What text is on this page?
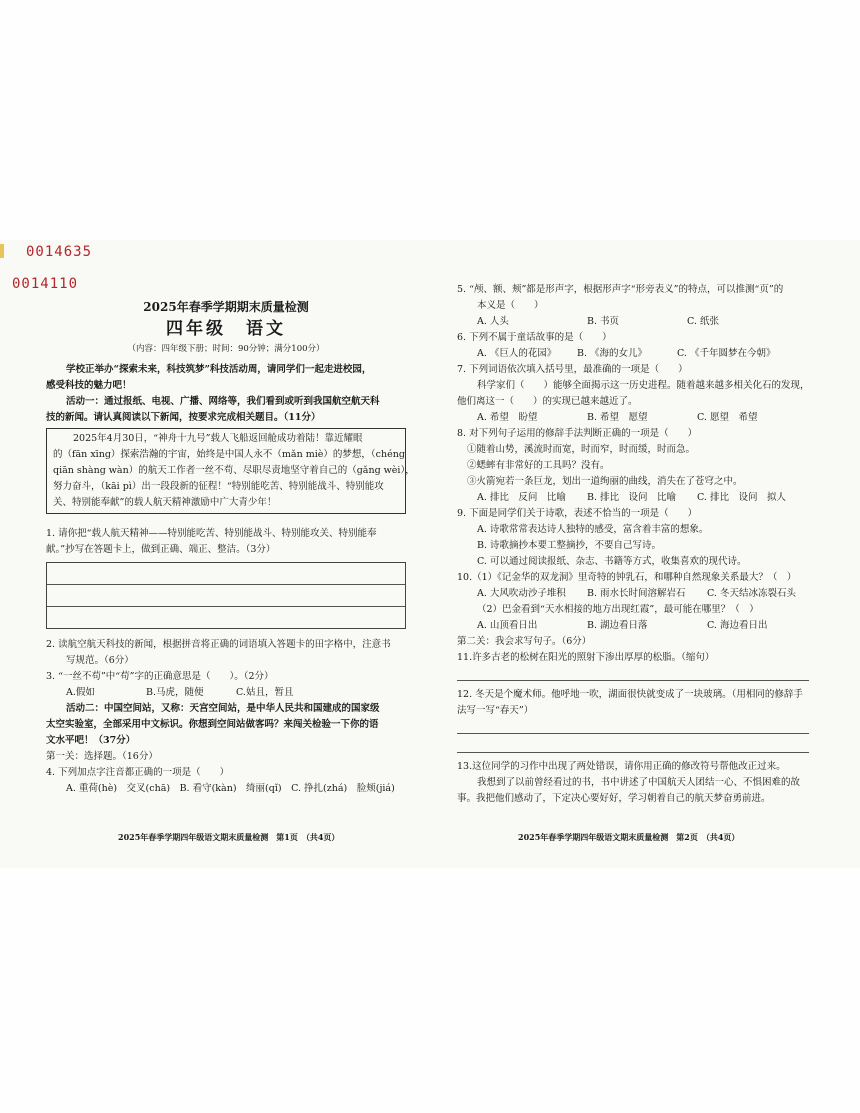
0014635
0014110
2025年春季学期期末质量检测
四年级　语文
（内容：四年级下册；时间：90分钟；满分100分）
学校正举办“探索未来，科技筑梦”科技活动周，请同学们一起走进校园，
感受科技的魅力吧！
活动一：通过报纸、电视、广播、网络等，我们看到或听到我国航空航天科
技的新闻。请认真阅读以下新闻，按要求完成相关题目。（11分）
2025年4月30日，“神舟十九号”载人飞船返回舱成功着陆！靠近耀眼
的（fān xīng）探索浩瀚的宇宙，始终是中国人永不（mǎn miè）的梦想，（chéng
qiān shàng wàn）的航天工作者一丝不苟、尽职尽责地坚守着自己的（gǎng wèi），
努力奋斗，（kāi pì）出一段段新的征程！“特别能吃苦、特别能战斗、特别能攻
关、特别能奉献”的载人航天精神激励中广大青少年！
1. 请你把“载人航天精神——特别能吃苦、特别能战斗、特别能攻关、特别能奉
献。”抄写在答题卡上，做到正确、端正、整洁。（3分）
2. 读航空航天科技的新闻，根据拼音将正确的词语填入答题卡的田字格中，注意书
写规范。（6分）
3. “一丝不苟”中“苟”字的正确意思是（　　）。（2分）
A.假如	B.马虎，随便	C.姑且，暂且
活动二：中国空间站，又称：天宫空间站，是中华人民共和国建成的国家级
太空实验室，全部采用中文标识。你想到空间站做客吗？来闯关检验一下你的语
文水平吧！（37分）
第一关：选择题。（16分）
4. 下列加点字注音都正确的一项是（　　）
A. 重荷(hè)　交叉(chā)　B. 看守(kàn)　绮丽(qǐ)　C. 挣扎(zhá)　脸颊(jiá)
5. “颅、额、颊”都是形声字，根据形声字“形旁表义”的特点，可以推测“页”的
本义是（　　）
A. 人头	B. 书页	C. 纸张
6. 下列不属于童话故事的是（　　）
A. 《巨人的花园》	B. 《海的女儿》	C. 《千年圆梦在今朝》
7. 下列词语依次填入括号里，最准确的一项是（　　）
科学家们（　　）能够全面揭示这一历史进程。随着越来越多相关化石的发现，
他们离这一（　　）的实现已越来越近了。
A. 希望　盼望	B. 希望　愿望	C. 愿望　希望
8. 对下列句子运用的修辞手法判断正确的一项是（　　）
①随着山势，溪流时而宽，时而窄，时而缓，时而急。
②蟋蟀有非常好的工具吗？没有。
③火箭宛若一条巨龙，划出一道绚丽的曲线，消失在了苍穹之中。
A. 排比　反问　比喻	B. 排比　设问　比喻	C. 排比　设问　拟人
9. 下面是同学们关于诗歌，表述不恰当的一项是（　　）
A. 诗歌常常表达诗人独特的感受，富含着丰富的想象。
B. 诗歌摘抄本要工整摘抄，不要自己写诗。
C. 可以通过阅读报纸、杂志、书籍等方式，收集喜欢的现代诗。
10.（1）《记金华的双龙洞》里奇特的钟乳石，和哪种自然现象关系最大？（　）
A. 大风吹动沙子堆积	B. 雨水长时间溶解岩石	C. 冬天结冰冻裂石头
（2）巴金看到“天水相接的地方出现红霞”，最可能在哪里？（　）
A. 山顶看日出	B. 湖边看日落	C. 海边看日出
第二关：我会求写句子。（6分）
11.许多古老的松树在阳光的照射下渗出厚厚的松脂。（缩句）
12. 冬天是个魔术师。他呼地一吹，湖面很快就变成了一块玻璃。（用相同的修辞手
法写一写“春天”）
13.这位同学的习作中出现了两处错误，请你用正确的修改符号帮他改正过来。
我想到了以前曾经看过的书，书中讲述了中国航天人团结一心、不惧困难的故
事。我把他们感动了，下定决心要好好，学习朝着自己的航天梦奋勇前进。
2025年春季学期四年级语文期末质量检测　第1页　（共4页）	2025年春季学期四年级语文期末质量检测　第2页　（共4页）
